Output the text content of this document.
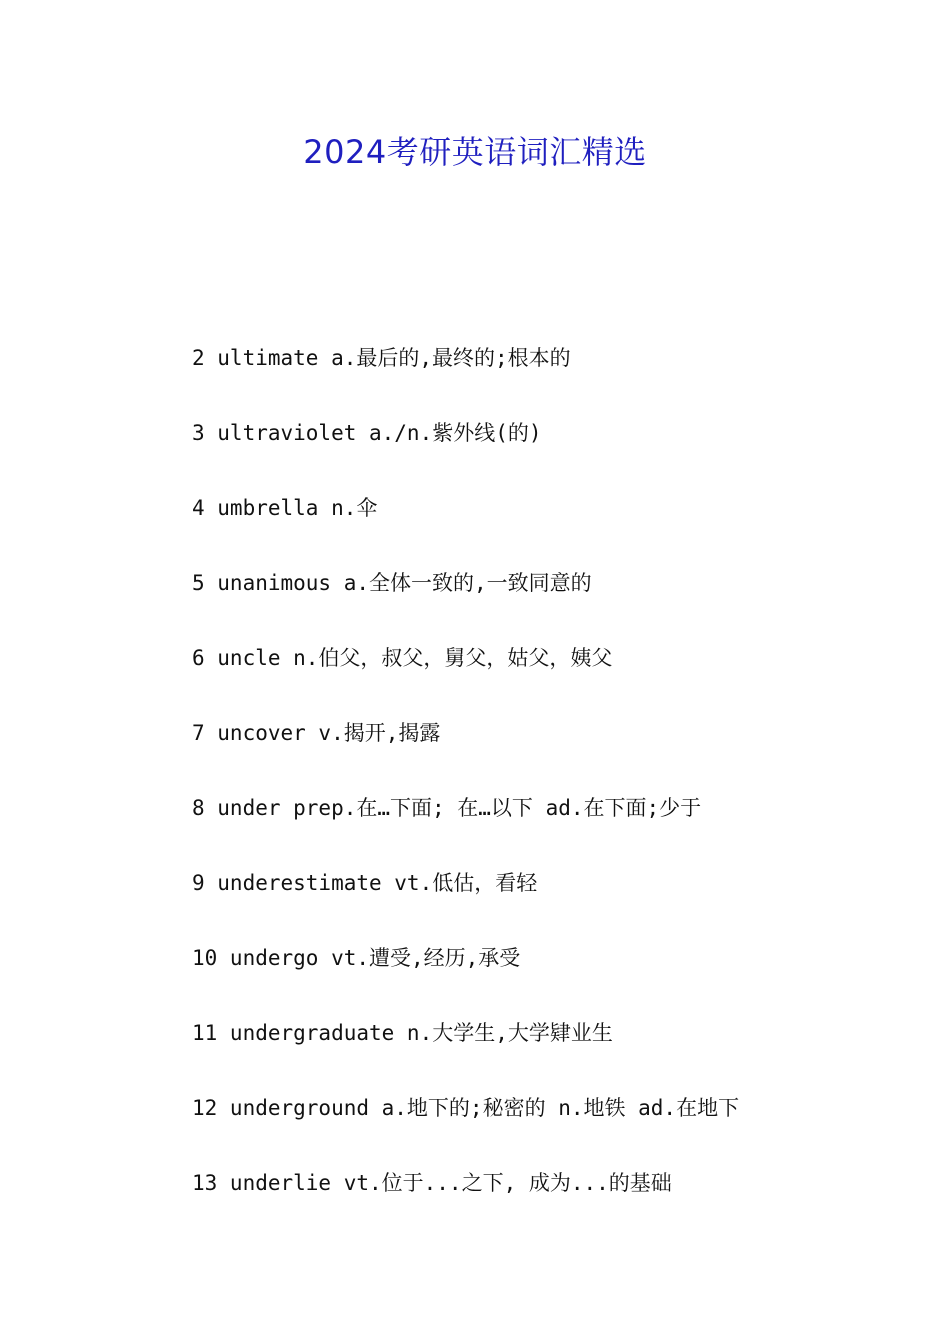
2024考研英语词汇精选
2 ultimate a.最后的,最终的;根本的
3 ultraviolet a./n.紫外线(的)
4 umbrella n.伞
5 unanimous a.全体一致的,一致同意的
6 uncle n.伯父，叔父，舅父，姑父，姨父
7 uncover v.揭开,揭露
8 under prep.在…下面; 在…以下 ad.在下面;少于
9 underestimate vt.低估，看轻
10 undergo vt.遭受,经历,承受
11 undergraduate n.大学生,大学肄业生
12 underground a.地下的;秘密的 n.地铁 ad.在地下
13 underlie vt.位于...之下, 成为...的基础
